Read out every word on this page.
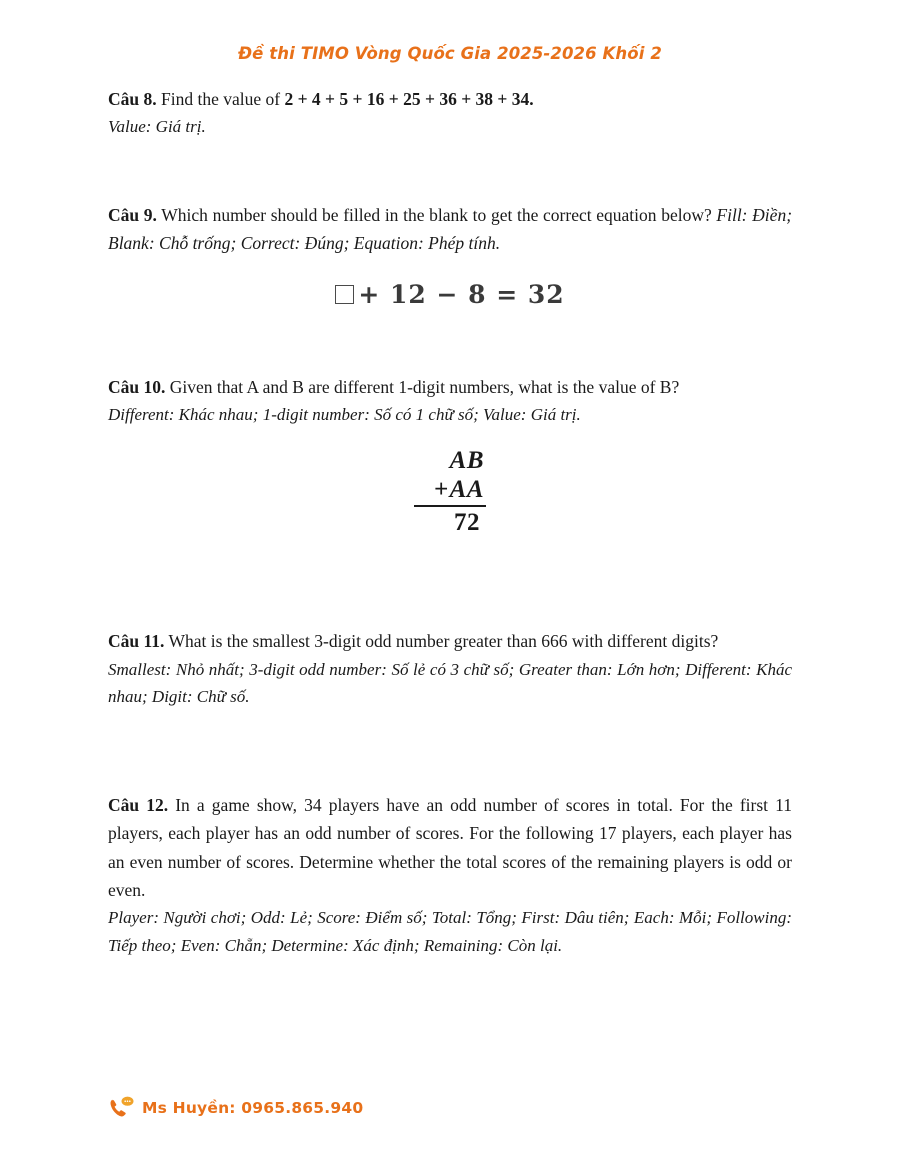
Đề thi TIMO Vòng Quốc Gia 2025-2026 Khối 2
Câu 8. Find the value of 2 + 4 + 5 + 16 + 25 + 36 + 38 + 34.
Value: Giá trị.
Câu 9. Which number should be filled in the blank to get the correct equation below? Fill: Điền; Blank: Chỗ trống; Correct: Đúng; Equation: Phép tính.
+ 12 − 8 = 32
Câu 10. Given that A and B are different 1-digit numbers, what is the value of B?
Different: Khác nhau; 1-digit number: Số có 1 chữ số; Value: Giá trị.
AB
+AA
72
Câu 11. What is the smallest 3-digit odd number greater than 666 with different digits?
Smallest: Nhỏ nhất; 3-digit odd number: Số lẻ có 3 chữ số; Greater than: Lớn hơn; Different: Khác nhau; Digit: Chữ số.
Câu 12. In a game show, 34 players have an odd number of scores in total. For the first 11 players, each player has an odd number of scores. For the following 17 players, each player has an even number of scores. Determine whether the total scores of the remaining players is odd or even.
Player: Người chơi; Odd: Lẻ; Score: Điểm số; Total: Tổng; First: Dâu tiên; Each: Mỗi; Following: Tiếp theo; Even: Chẵn; Determine: Xác định; Remaining: Còn lại.
Ms Huyền: 0965.865.940
